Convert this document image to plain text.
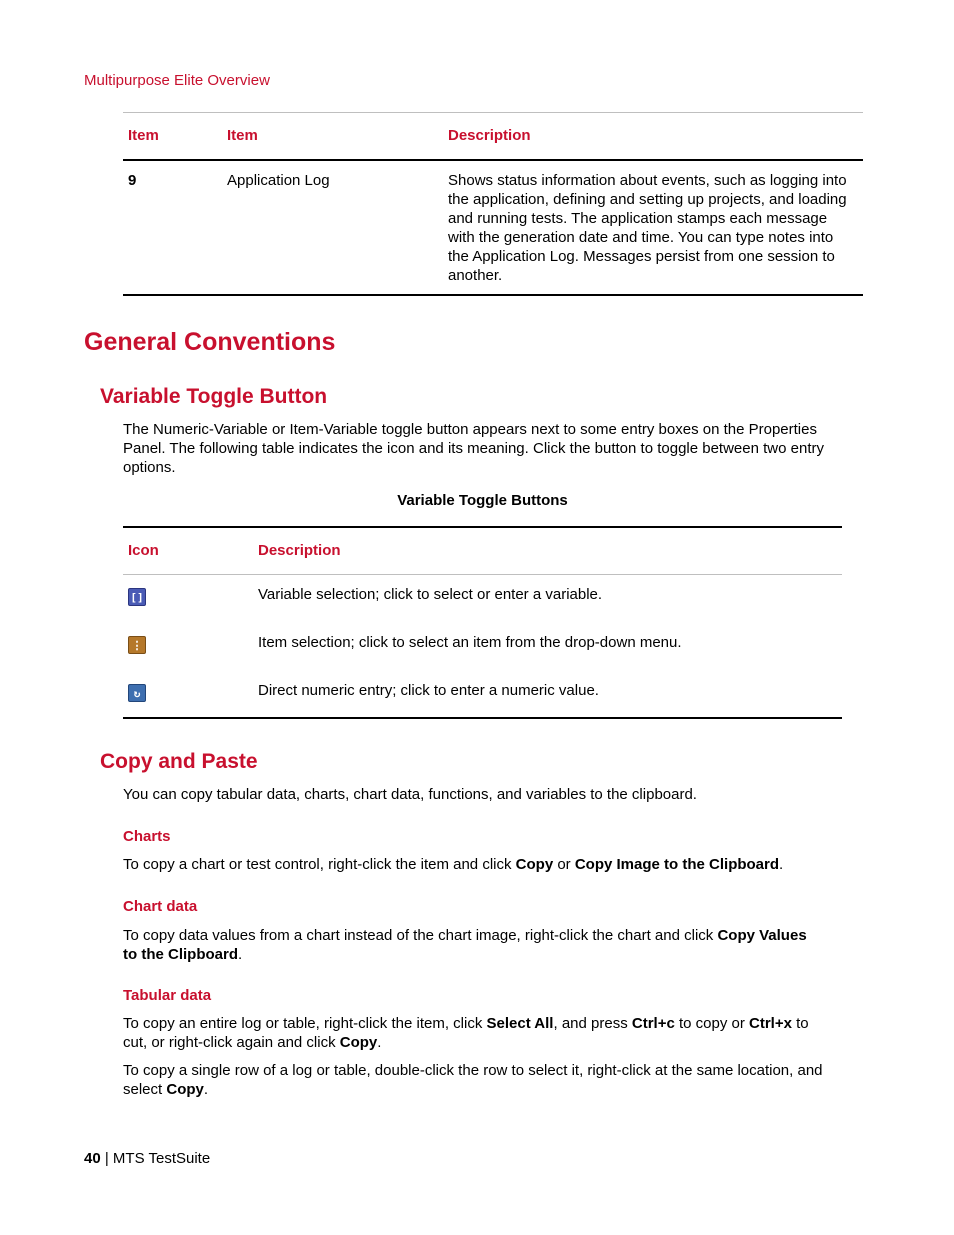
Multipurpose Elite Overview
Item	Item	Description
9	Application Log	Shows status information about events, such as logging into
the application, defining and setting up projects, and loading
and running tests. The application stamps each message
with the generation date and time. You can type notes into
the Application Log. Messages persist from one session to
another.
General Conventions
Variable Toggle Button
The Numeric-Variable or Item-Variable toggle button appears next to some entry boxes on the Properties
Panel. The following table indicates the icon and its meaning. Click the button to toggle between two entry
options.
Variable Toggle Buttons
Icon	Description
[]	Variable selection; click to select or enter a variable.
⋮	Item selection; click to select an item from the drop-down menu.
↻	Direct numeric entry; click to enter a numeric value.
Copy and Paste

You can copy tabular data, charts, chart data, functions, and variables to the clipboard.

Charts

To copy a chart or test control, right-click the item and click Copy or Copy Image to the Clipboard.

Chart data
To copy data values from a chart instead of the chart image, right-click the chart and click Copy Values
to the Clipboard.
Tabular data
To copy an entire log or table, right-click the item, click Select All, and press Ctrl+c to copy or Ctrl+x to
cut, or right-click again and click Copy.
To copy a single row of a log or table, double-click the row to select it, right-click at the same location, and
select Copy.
40 | MTS TestSuite
